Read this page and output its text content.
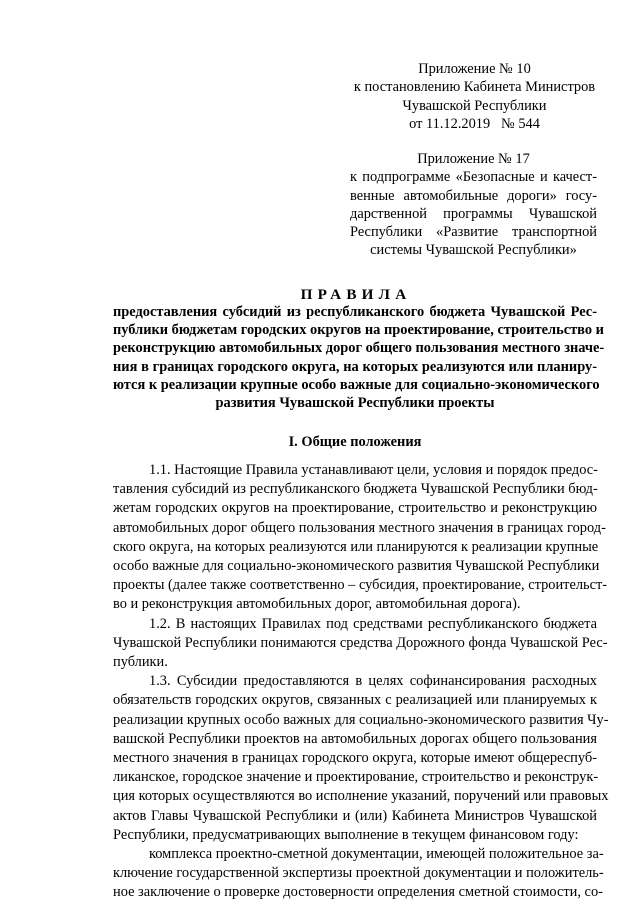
Приложение № 10
к постановлению Кабинета Министров
Чувашской Республики
от 11.12.2019   № 544
Приложение № 17
к подпрограмме «Безопасные и качест-
венные автомобильные дороги» госу-
дарственной программы Чувашской
Республики «Развитие транспортной
системы Чувашской Республики»
ПРАВИЛА
предоставления субсидий из республиканского бюджета Чувашской Рес-
публики бюджетам городских округов на проектирование, строительство и
реконструкцию автомобильных дорог общего пользования местного значе-
ния в границах городского округа, на которых реализуются или планиру-
ются к реализации крупные особо важные для социально-экономического
развития Чувашской Республики проекты
I. Общие положения
1.1. Настоящие Правила устанавливают цели, условия и порядок предос-
тавления субсидий из республиканского бюджета Чувашской Республики бюд-
жетам городских округов на проектирование, строительство и реконструкцию
автомобильных дорог общего пользования местного значения в границах город-
ского округа, на которых реализуются или планируются к реализации крупные
особо важные для социально-экономического развития Чувашской Республики
проекты (далее также соответственно – субсидия, проектирование, строительст-
во и реконструкция автомобильных дорог, автомобильная дорога).
1.2. В настоящих Правилах под средствами республиканского бюджета
Чувашской Республики понимаются средства Дорожного фонда Чувашской Рес-
публики.
1.3. Субсидии предоставляются в целях софинансирования расходных
обязательств городских округов, связанных с реализацией или планируемых к
реализации крупных особо важных для социально-экономического развития Чу-
вашской Республики проектов на автомобильных дорогах общего пользования
местного значения в границах городского округа, которые имеют общереспуб-
ликанское, городское значение и проектирование, строительство и реконструк-
ция которых осуществляются во исполнение указаний, поручений или правовых
актов Главы Чувашской Республики и (или) Кабинета Министров Чувашской
Республики, предусматривающих выполнение в текущем финансовом году:
комплекса проектно-сметной документации, имеющей положительное за-
ключение государственной экспертизы проектной документации и положитель-
ное заключение о проверке достоверности определения сметной стоимости, со-
